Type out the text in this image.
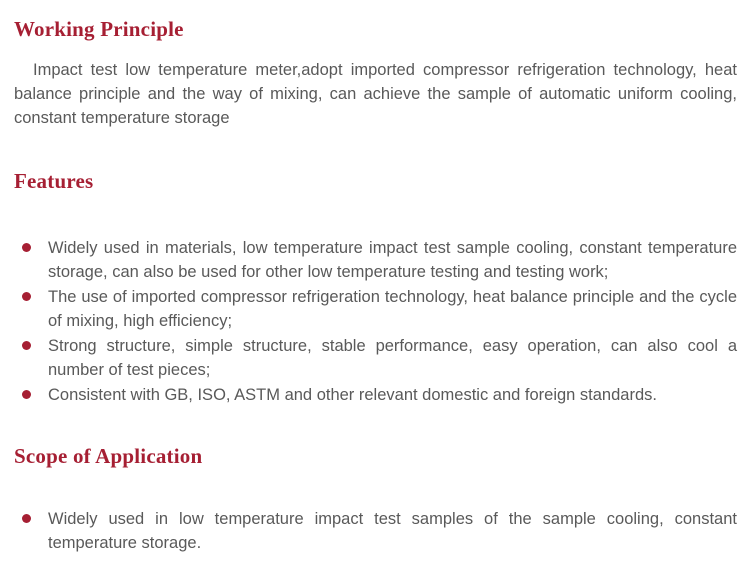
Working Principle

Impact test low temperature meter,adopt imported compressor refrigeration technology, heat balance principle and the way of mixing, can achieve the sample of automatic uniform cooling, constant temperature storage

Features
Widely used in materials, low temperature impact test sample cooling, constant temperature storage, can also be used for other low temperature testing and testing work;
The use of imported compressor refrigeration technology, heat balance principle and the cycle of mixing, high efficiency;
Strong structure, simple structure, stable performance, easy operation, can also cool a number of test pieces;
Consistent with GB, ISO, ASTM and other relevant domestic and foreign standards.
Scope of Application
Widely used in low temperature impact test samples of the sample cooling, constant temperature storage.
